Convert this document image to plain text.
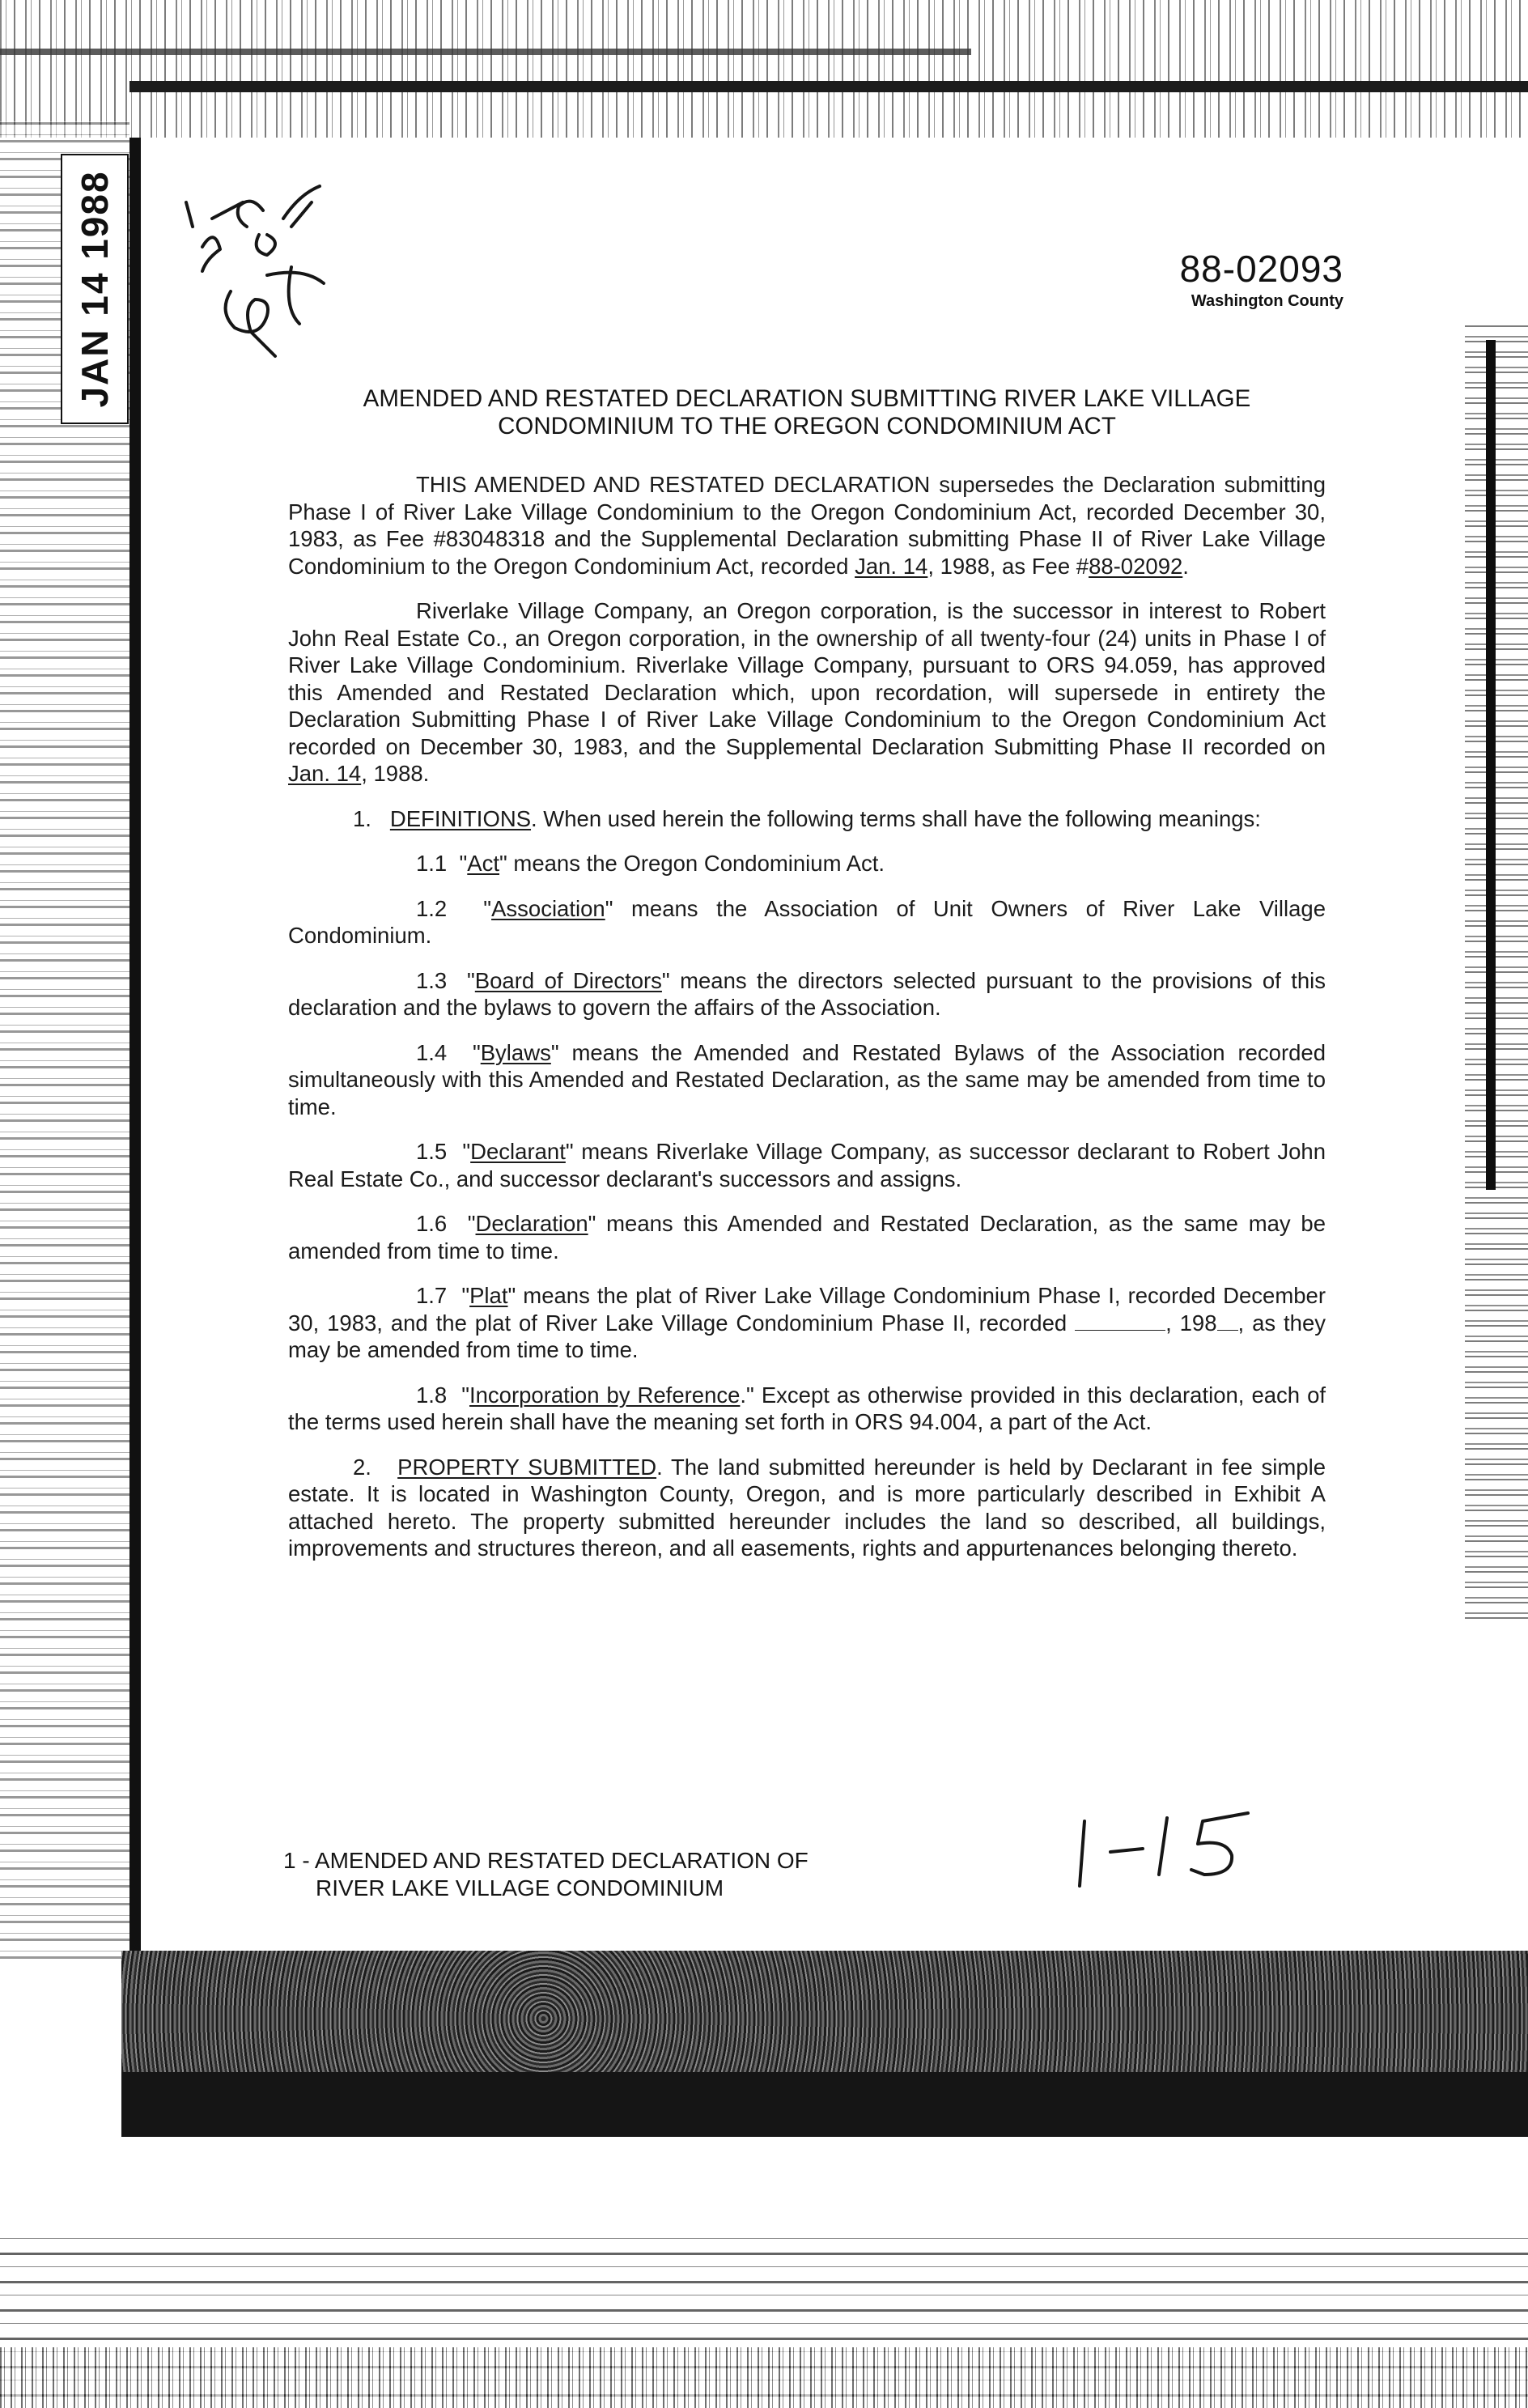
JAN 14 1988	88-02093
Washington County
AMENDED AND RESTATED DECLARATION SUBMITTING RIVER LAKE VILLAGE
CONDOMINIUM TO THE OREGON CONDOMINIUM ACT

THIS AMENDED AND RESTATED DECLARATION supersedes the Declaration submitting Phase I of River Lake Village Condominium to the Oregon Condominium Act, recorded December 30, 1983, as Fee #83048318 and the Supplemental Declaration submitting Phase II of River Lake Village Condominium to the Oregon Condominium Act, recorded Jan. 14, 1988, as Fee #88-02092.

Riverlake Village Company, an Oregon corporation, is the successor in interest to Robert John Real Estate Co., an Oregon corporation, in the ownership of all twenty-four (24) units in Phase I of River Lake Village Condominium. Riverlake Village Company, pursuant to ORS 94.059, has approved this Amended and Restated Declaration which, upon recordation, will supersede in entirety the Declaration Submitting Phase I of River Lake Village Condominium to the Oregon Condominium Act recorded on December 30, 1983, and the Supplemental Declaration Submitting Phase II recorded on Jan. 14, 1988.

1. DEFINITIONS. When used herein the following terms shall have the following meanings:

1.1  "Act" means the Oregon Condominium Act.

1.2  "Association" means the Association of Unit Owners of River Lake Village Condominium.

1.3  "Board of Directors" means the directors selected pursuant to the provisions of this declaration and the bylaws to govern the affairs of the Association.

1.4  "Bylaws" means the Amended and Restated Bylaws of the Association recorded simultaneously with this Amended and Restated Declaration, as the same may be amended from time to time.

1.5  "Declarant" means Riverlake Village Company, as successor declarant to Robert John Real Estate Co., and successor declarant's successors and assigns.

1.6  "Declaration" means this Amended and Restated Declaration, as the same may be amended from time to time.

1.7  "Plat" means the plat of River Lake Village Condominium Phase I, recorded December 30, 1983, and the plat of River Lake Village Condominium Phase II, recorded	, 198 , as they may be amended from time to time.

1.8  "Incorporation by Reference." Except as otherwise provided in this declaration, each of the terms used herein shall have the meaning set forth in ORS 94.004, a part of the Act.

2. PROPERTY SUBMITTED. The land submitted hereunder is held by Declarant in fee simple estate. It is located in Washington County, Oregon, and is more particularly described in Exhibit A attached hereto. The property submitted hereunder includes the land so described, all buildings, improvements and structures thereon, and all easements, rights and appurtenances belonging thereto.

1 - AMENDED AND RESTATED DECLARATION OF
RIVER LAKE VILLAGE CONDOMINIUM
